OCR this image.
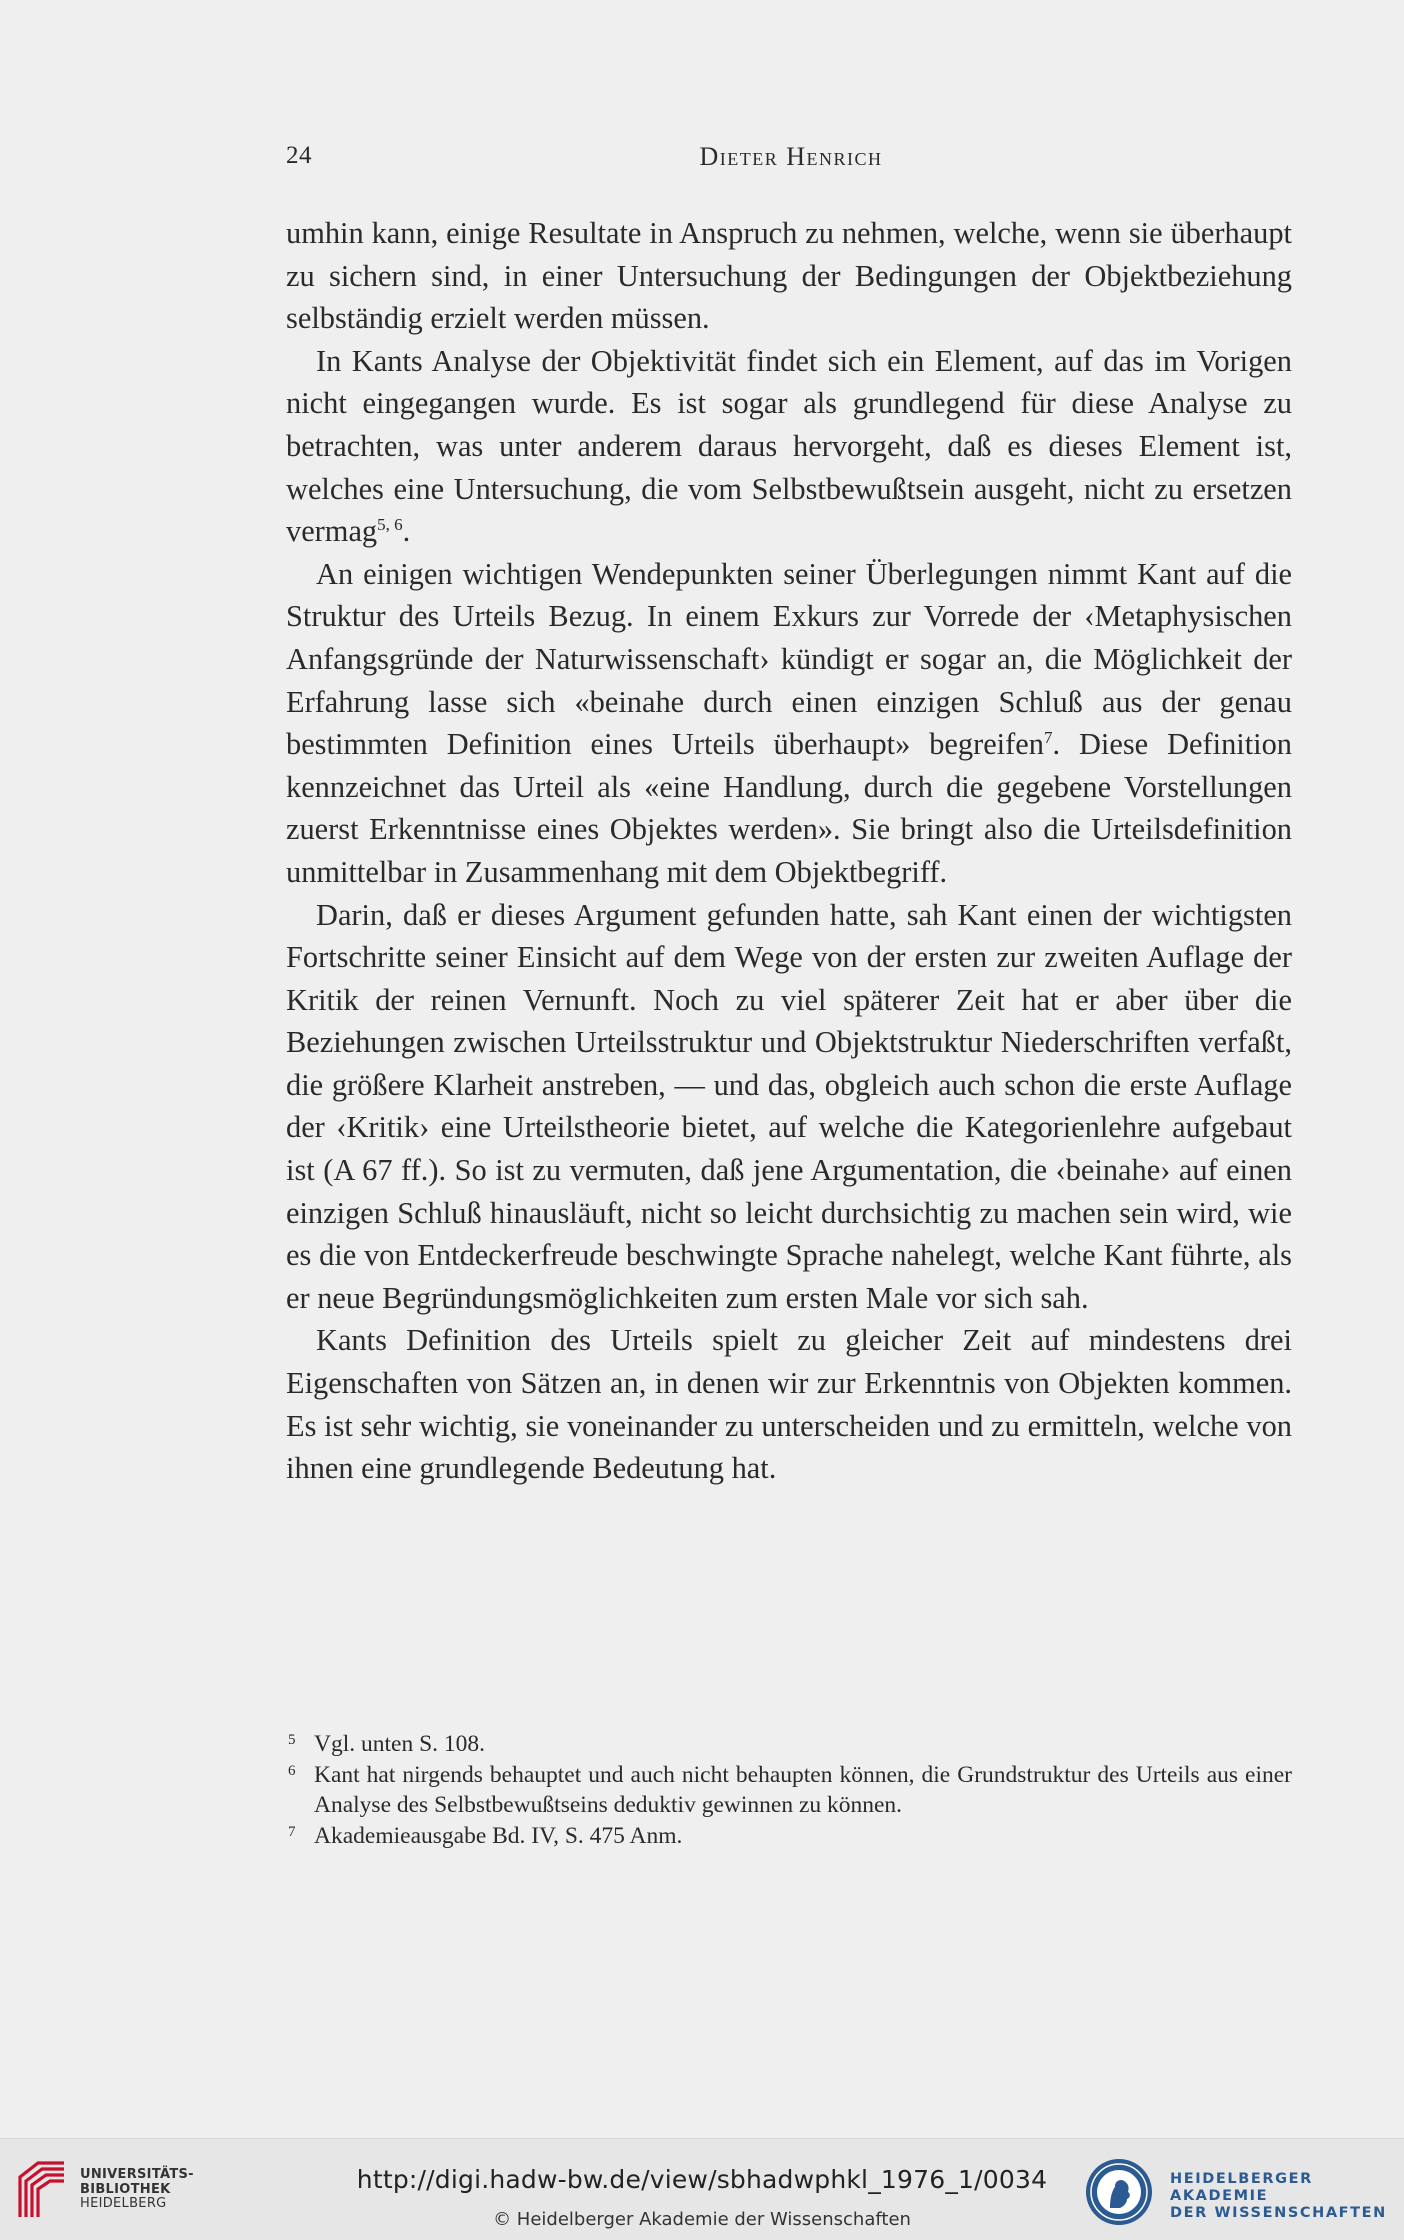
24	Dieter Henrich

umhin kann, einige Resultate in Anspruch zu nehmen, welche, wenn sie überhaupt zu sichern sind, in einer Untersuchung der Bedingungen der Objektbeziehung selbständig erzielt werden müssen.

In Kants Analyse der Objektivität findet sich ein Element, auf das im Vorigen nicht eingegangen wurde. Es ist sogar als grundlegend für diese Analyse zu betrachten, was unter anderem daraus hervorgeht, daß es dieses Element ist, welches eine Untersuchung, die vom Selbstbewußtsein ausgeht, nicht zu ersetzen vermag$^{5, 6}$.

An einigen wichtigen Wendepunkten seiner Überlegungen nimmt Kant auf die Struktur des Urteils Bezug. In einem Exkurs zur Vorrede der ‹Metaphysischen Anfangsgründe der Naturwissenschaft› kündigt er sogar an, die Möglichkeit der Erfahrung lasse sich «beinahe durch einen einzigen Schluß aus der genau bestimmten Definition eines Urteils überhaupt» begreifen$^7$. Diese Definition kennzeichnet das Urteil als «eine Handlung, durch die gegebene Vorstellungen zuerst Erkenntnisse eines Objektes werden». Sie bringt also die Urteilsdefinition unmittelbar in Zusammenhang mit dem Objektbegriff.

Darin, daß er dieses Argument gefunden hatte, sah Kant einen der wichtigsten Fortschritte seiner Einsicht auf dem Wege von der ersten zur zweiten Auflage der Kritik der reinen Vernunft. Noch zu viel späterer Zeit hat er aber über die Beziehungen zwischen Urteilsstruktur und Objektstruktur Niederschriften verfaßt, die größere Klarheit anstreben, — und das, obgleich auch schon die erste Auflage der ‹Kritik› eine Urteilstheorie bietet, auf welche die Kategorienlehre aufgebaut ist (A 67 ff.). So ist zu vermuten, daß jene Argumentation, die ‹beinahe› auf einen einzigen Schluß hinausläuft, nicht so leicht durchsichtig zu machen sein wird, wie es die von Entdeckerfreude beschwingte Sprache nahelegt, welche Kant führte, als er neue Begründungsmöglichkeiten zum ersten Male vor sich sah.

Kants Definition des Urteils spielt zu gleicher Zeit auf mindestens drei Eigenschaften von Sätzen an, in denen wir zur Erkenntnis von Objekten kommen. Es ist sehr wichtig, sie voneinander zu unterscheiden und zu ermitteln, welche von ihnen eine grundlegende Bedeutung hat.

5 Vgl. unten S. 108.
6 Kant hat nirgends behauptet und auch nicht behaupten können, die Grundstruktur des Urteils aus einer Analyse des Selbstbewußtseins deduktiv gewinnen zu können.
7 Akademieausgabe Bd. IV, S. 475 Anm.
UNIVERSITÄTS-
BIBLIOTHEK
HEIDELBERG
http://digi.hadw-bw.de/view/sbhadwphkl_1976_1/0034
© Heidelberger Akademie der Wissenschaften
HEIDELBERGER AKADEMIE
DER WISSENSCHAFTEN
